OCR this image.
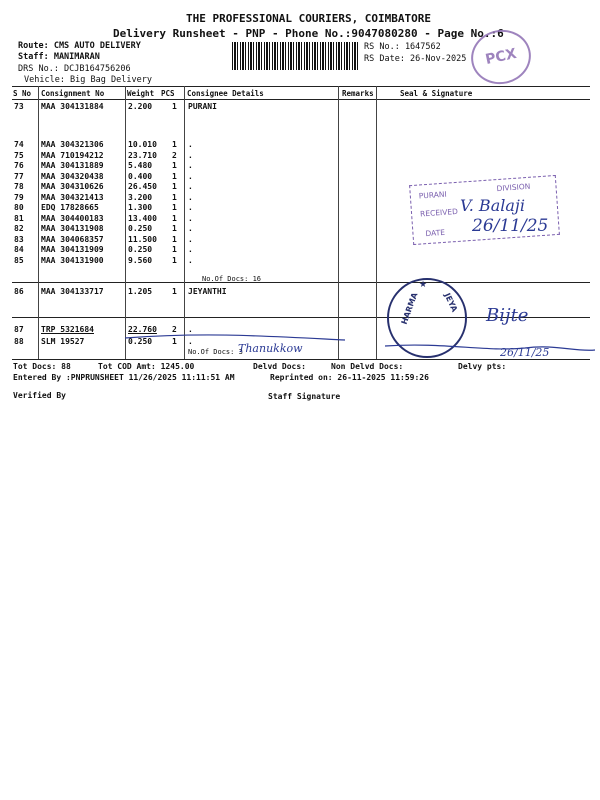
THE PROFESSIONAL COURIERS, COIMBATORE
Delivery Runsheet - PNP - Phone No.:9047080280 - Page No.:6
Route: CMS AUTO DELIVERY
Staff: MANIMARAN
DRS No.: DCJB164756206
Vehicle: Big Bag Delivery
RS No.: 1647562
RS Date: 26-Nov-2025	PCX
S No Consignment No	Weight PCS Consignee Details	Remarks	Seal & Signature
73 MAA 304131884	2.200 1 PURANI
74 MAA 304321306	10.010 1 .
75 MAA 710194212	23.710 2 .
76 MAA 304131889	5.480 1 .
77 MAA 304320438	0.400 1 .
78 MAA 304310626	26.450 1 .
79 MAA 304321413	3.200 1 .
80 EDQ 17828665	1.300 1 .
81 MAA 304400183	13.400 1 .
82 MAA 304131908	0.250 1 .
83 MAA 304068357	11.500 1 .
84 MAA 304131909	0.250 1 .
85 MAA 304131900	9.560 1 .
86 MAA 304133717	1.205 1 JEYANTHI
87 TRP 5321684	22.760 2 .
88 SLM 19527	0.250 1 .
No.Of Docs: 16
No.Of Docs: 3
PURANI
DIVISION
RECEIVED
DATE
V. Balaji
26/11/25
HARMA	JEYA
★
Bijte
Thanukkow	26/11/25
Tot Docs: 88	Tot COD Amt: 1245.00	Delvd Docs:	Non Delvd Docs:	Delvy pts:
Entered By :PNPRUNSHEET 11/26/2025 11:11:51 AM	Reprinted on: 26-11-2025 11:59:26
Verified By	Staff Signature
